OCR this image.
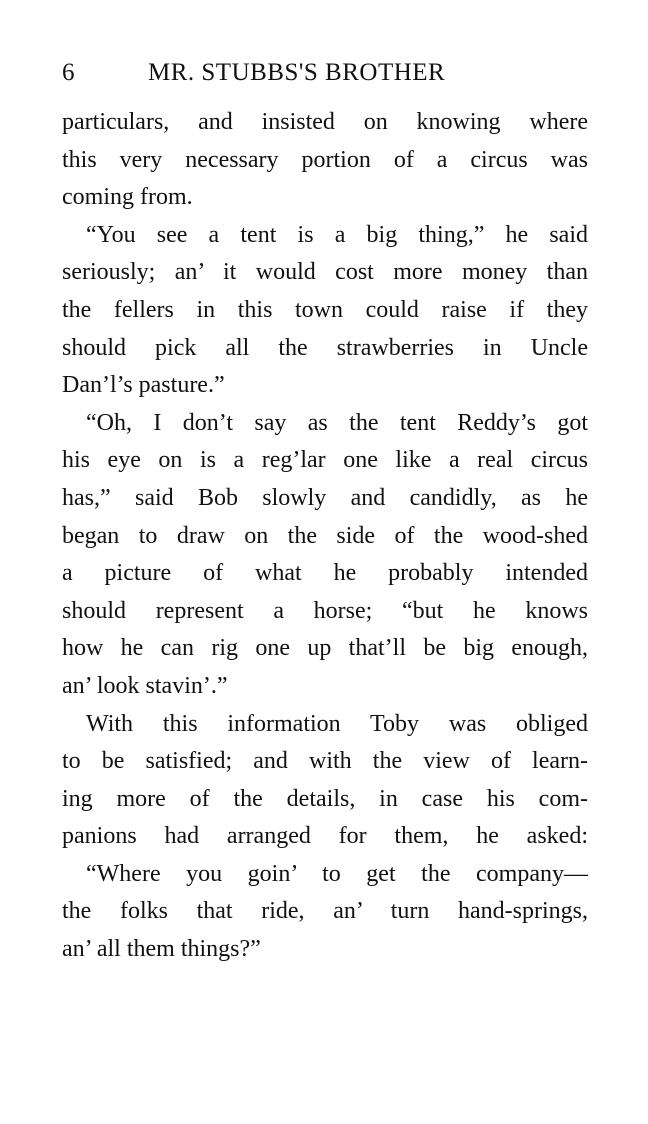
6	MR. STUBBS'S BROTHER
particulars, and insisted on knowing where
this very necessary portion of a circus was
coming from.
“You see a tent is a big thing,” he said
seriously; an’ it would cost more money than
the fellers in this town could raise if they
should pick all the strawberries in Uncle
Dan’l’s pasture.”
“Oh, I don’t say as the tent Reddy’s got
his eye on is a reg’lar one like a real circus
has,” said Bob slowly and candidly, as he
began to draw on the side of the wood-shed
a picture of what he probably intended
should represent a horse; “but he knows
how he can rig one up that’ll be big enough,
an’ look stavin’.”
With this information Toby was obliged
to be satisfied; and with the view of learn-
ing more of the details, in case his com-
panions had arranged for them, he asked:
“Where you goin’ to get the company—
the folks that ride, an’ turn hand-springs,
an’ all them things?”
